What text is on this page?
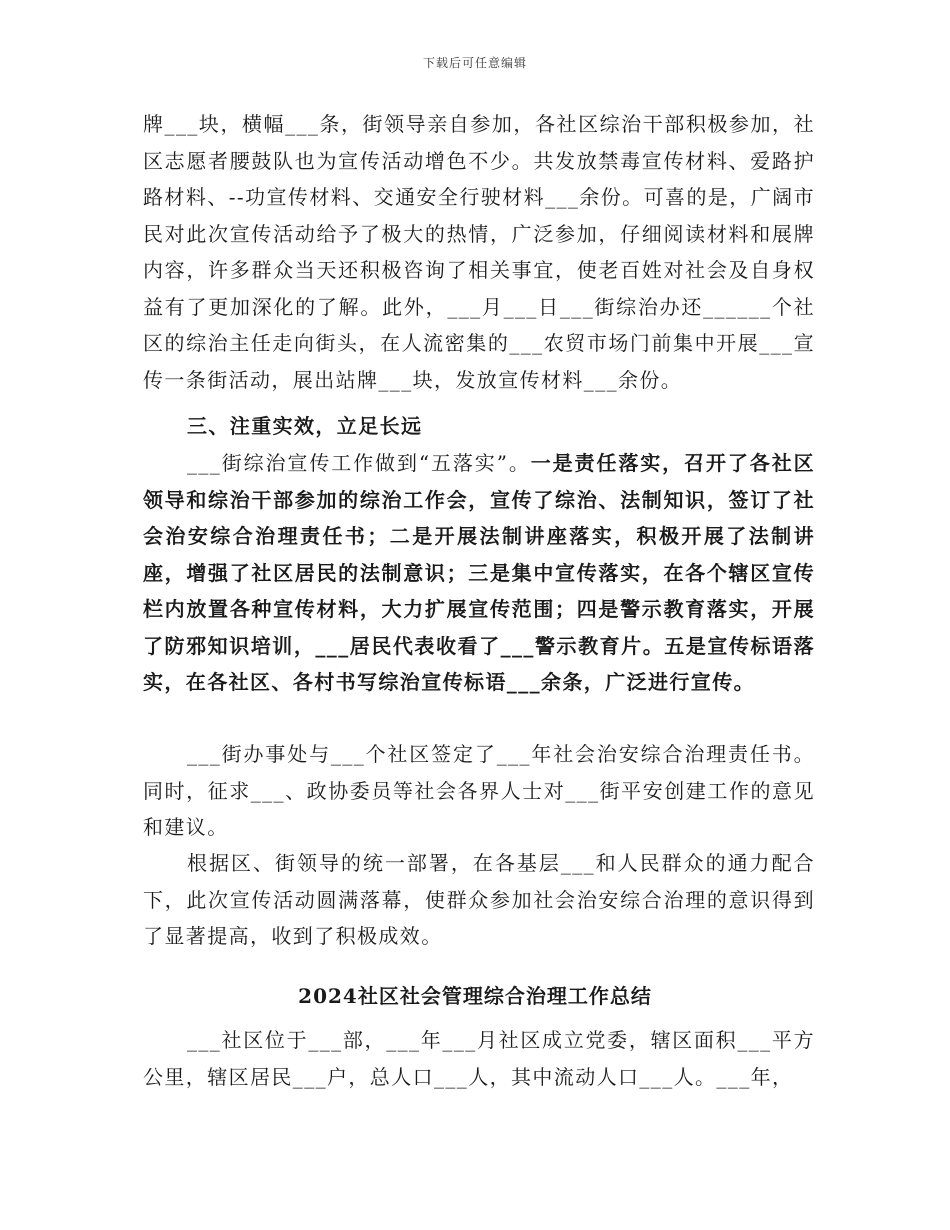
下载后可任意编辑

牌___块，横幅___条，街领导亲自参加，各社区综治干部积极参加，社区志愿者腰鼓队也为宣传活动增色不少。共发放禁毒宣传材料、爱路护路材料、--功宣传材料、交通安全行驶材料___余份。可喜的是，广阔市民对此次宣传活动给予了极大的热情，广泛参加，仔细阅读材料和展牌内容，许多群众当天还积极咨询了相关事宜，使老百姓对社会及自身权益有了更加深化的了解。此外，___月___日___街综治办还______个社区的综治主任走向街头，在人流密集的___农贸市场门前集中开展___宣传一条街活动，展出站牌___块，发放宣传材料___余份。

三、注重实效，立足长远

___街综治宣传工作做到“五落实”。一是责任落实，召开了各社区领导和综治干部参加的综治工作会，宣传了综治、法制知识，签订了社会治安综合治理责任书；二是开展法制讲座落实，积极开展了法制讲座，增强了社区居民的法制意识；三是集中宣传落实，在各个辖区宣传栏内放置各种宣传材料，大力扩展宣传范围；四是警示教育落实，开展了防邪知识培训，___居民代表收看了___警示教育片。五是宣传标语落实，在各社区、各村书写综治宣传标语___余条，广泛进行宣传。

___街办事处与___个社区签定了___年社会治安综合治理责任书。同时，征求___、政协委员等社会各界人士对___街平安创建工作的意见和建议。

根据区、街领导的统一部署，在各基层___和人民群众的通力配合下，此次宣传活动圆满落幕，使群众参加社会治安综合治理的意识得到了显著提高，收到了积极成效。

2024社区社会管理综合治理工作总结

___社区位于___部，___年___月社区成立党委，辖区面积___平方公里，辖区居民___户，总人口___人，其中流动人口___人。___年，
